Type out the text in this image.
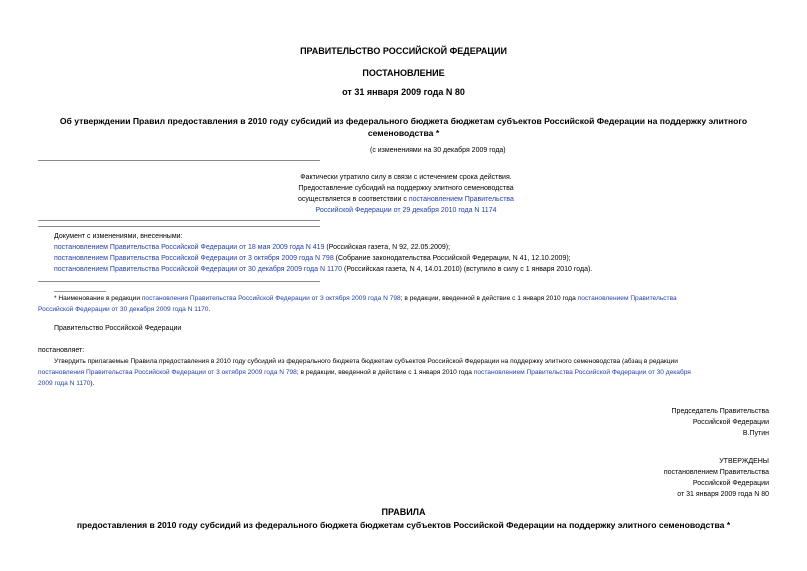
ПРАВИТЕЛЬСТВО РОССИЙСКОЙ ФЕДЕРАЦИИ
ПОСТАНОВЛЕНИЕ
от 31 января 2009 года N 80
Об утверждении Правил предоставления в 2010 году субсидий из федерального бюджета бюджетам субъектов Российской Федерации на поддержку элитного
семеноводства *
(с изменениями на 30 декабря 2009 года)
Фактически утратило силу в связи с истечением срока действия.
Предоставление субсидий на поддержку элитного семеноводства
осуществляется в соответствии с постановлением Правительства
Российской Федерации от 29 декабря 2010 года N 1174
Документ с изменениями, внесенными:
постановлением Правительства Российской Федерации от 18 мая 2009 года N 419 (Российская газета, N 92, 22.05.2009);
постановлением Правительства Российской Федерации от 3 октября 2009 года N 798 (Собрание законодательства Российской Федерации, N 41, 12.10.2009);
постановлением Правительства Российской Федерации от 30 декабря 2009 года N 1170 (Российская газета, N 4, 14.01.2010) (вступило в силу с 1 января 2010 года).
* Наименование в редакции постановления Правительства Российской Федерации от 3 октября 2009 года N 798; в редакции, введенной в действие с 1 января 2010 года постановлением Правительства
Российской Федерации от 30 декабря 2009 года N 1170.
Правительство Российской Федерации
постановляет:
Утвердить прилагаемые Правила предоставления в 2010 году субсидий из федерального бюджета бюджетам субъектов Российской Федерации на поддержку элитного семеноводства (абзац в редакции
постановления Правительства Российской Федерации от 3 октября 2009 года N 798; в редакции, введенной в действие с 1 января 2010 года постановлением Правительства Российской Федерации от 30 декабря
2009 года N 1170).
Председатель Правительства
Российской Федерации
В.Путин
УТВЕРЖДЕНЫ
постановлением Правительства
Российской Федерации
от 31 января 2009 года N 80
ПРАВИЛА
предоставления в 2010 году субсидий из федерального бюджета бюджетам субъектов Российской Федерации на поддержку элитного семеноводства *
